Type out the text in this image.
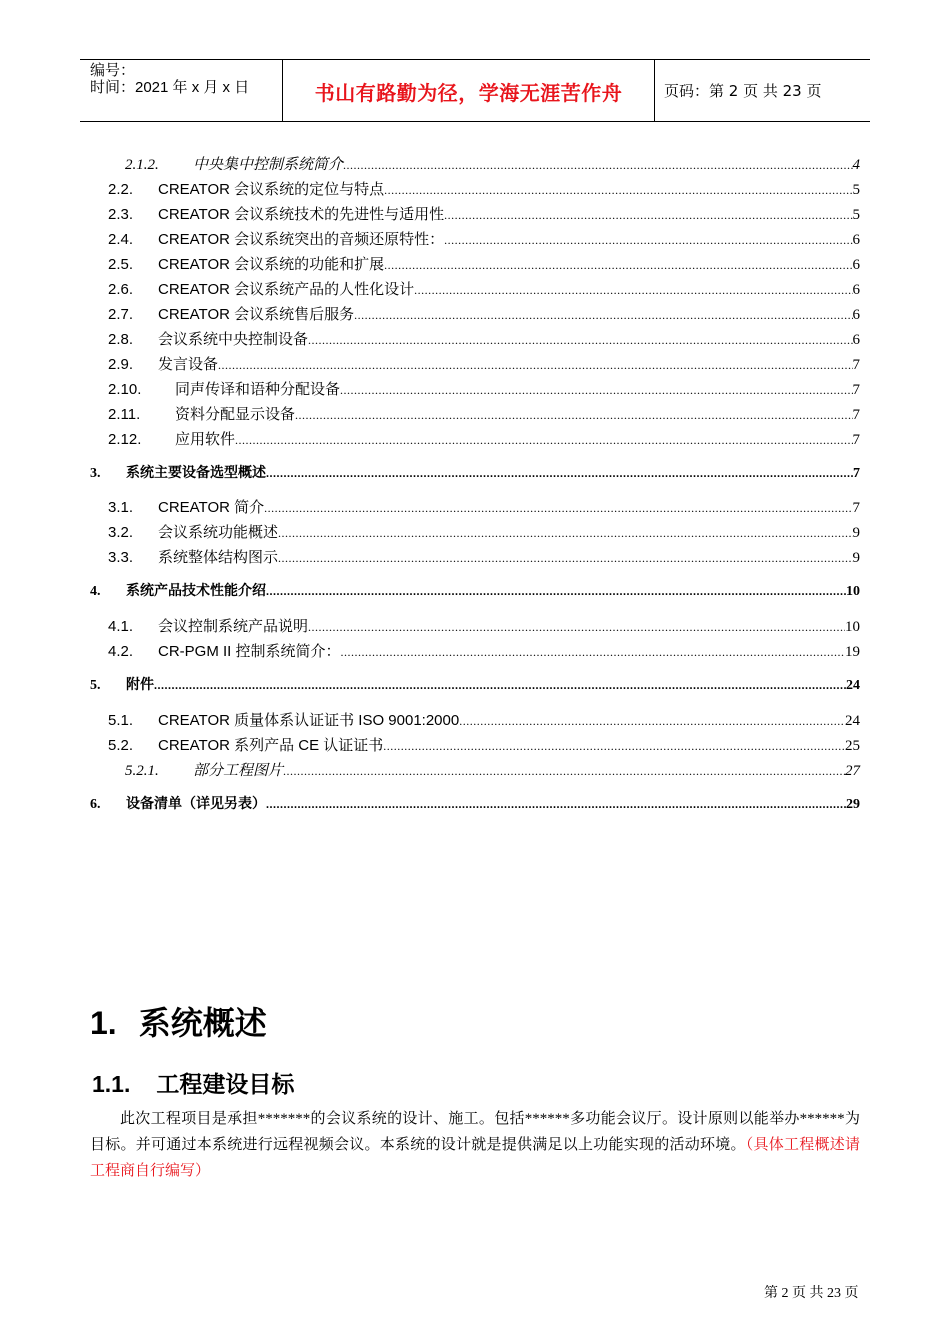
编号：
时间：2021 年 x 月 x 日	书山有路勤为径，学海无涯苦作舟	页码：第 2 页 共 23 页
2.1.2.	中央集中控制系统简介 .....	4
2.2.	CREATOR 会议系统的定位与特点 .....	5
2.3.	CREATOR 会议系统技术的先进性与适用性 .....	5
2.4.	CREATOR 会议系统突出的音频还原特性： .....	6
2.5.	CREATOR 会议系统的功能和扩展 .....	6
2.6.	CREATOR 会议系统产品的人性化设计 .....	6
2.7.	CREATOR 会议系统售后服务 .....	6
2.8.	会议系统中央控制设备 .....	6
2.9.	发言设备 .....	7
2.10.	同声传译和语种分配设备 .....	7
2.11.	资料分配显示设备 .....	7
2.12.	应用软件 .....	7
3.	系统主要设备选型概述 .....	7
3.1.	CREATOR 简介 .....	7
3.2.	会议系统功能概述 .....	9
3.3.	系统整体结构图示 .....	9
4.	系统产品技术性能介绍 .....	10
4.1.	会议控制系统产品说明 .....	10
4.2.	CR-PGM II 控制系统简介： .....	19
5.	附件 .....	24
5.1.	CREATOR 质量体系认证证书 ISO 9001:2000 .....	24
5.2.	CREATOR 系列产品 CE 认证证书 .....	25
5.2.1.	部分工程图片 .....	27
6.	设备清单（详见另表） .....	29
1. 系统概述
1.1. 工程建设目标
此次工程项目是承担*******的会议系统的设计、施工。包括******多功能会议厅。设计原则以能举办******为目标。并可通过本系统进行远程视频会议。本系统的设计就是提供满足以上功能实现的活动环境。（具体工程概述请工程商自行编写）
第 2 页 共 23 页
